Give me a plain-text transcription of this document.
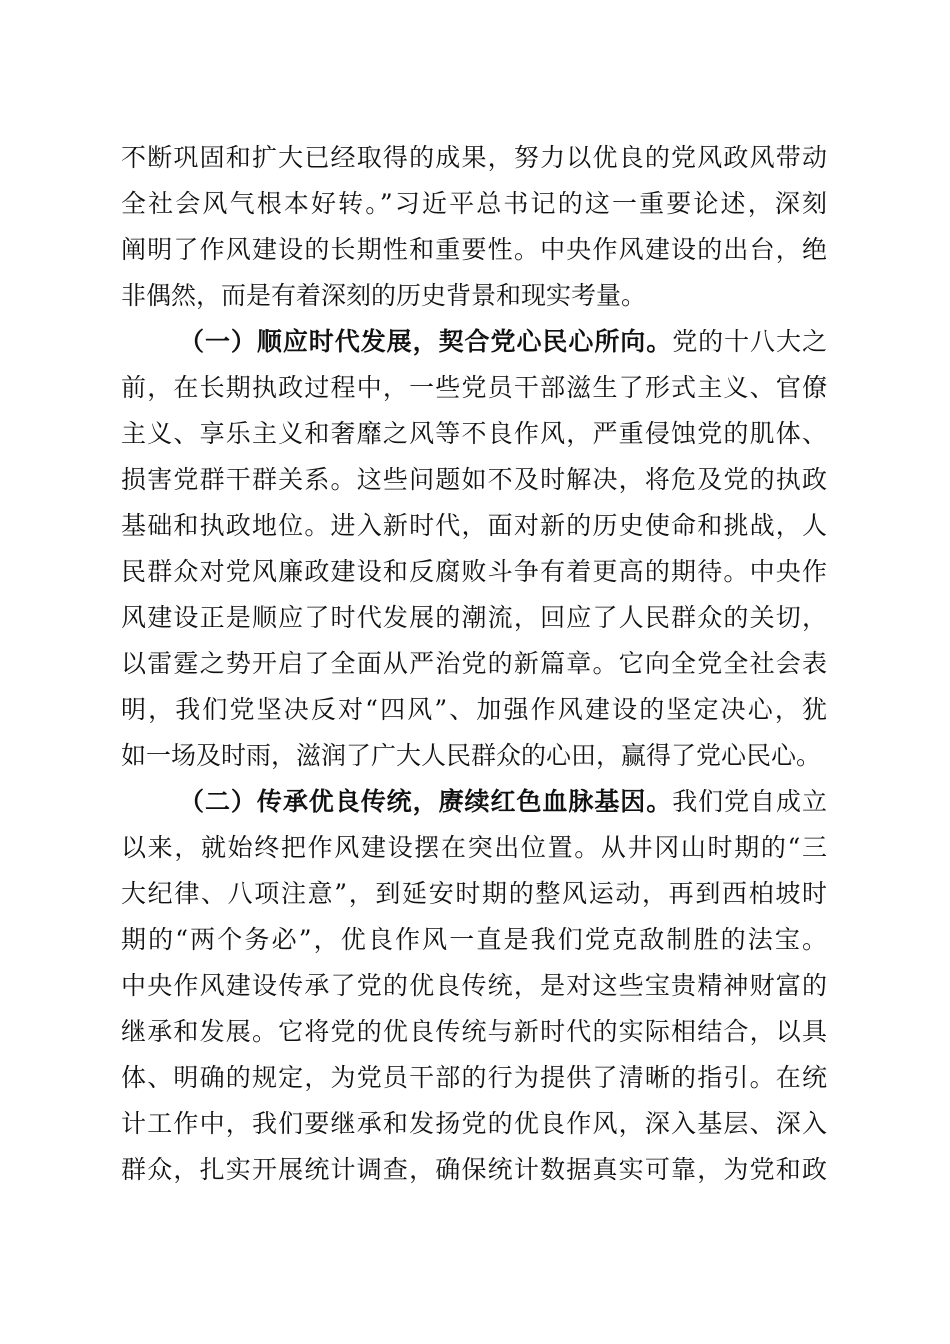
不断巩固和扩大已经取得的成果，努力以优良的党风政风带动
全社会风气根本好转。”习近平总书记的这一重要论述，深刻
阐明了作风建设的长期性和重要性。中央作风建设的出台，绝
非偶然，而是有着深刻的历史背景和现实考量。
（一）顺应时代发展，契合党心民心所向。党的十八大之
前，在长期执政过程中，一些党员干部滋生了形式主义、官僚
主义、享乐主义和奢靡之风等不良作风，严重侵蚀党的肌体、
损害党群干群关系。这些问题如不及时解决，将危及党的执政
基础和执政地位。进入新时代，面对新的历史使命和挑战，人
民群众对党风廉政建设和反腐败斗争有着更高的期待。中央作
风建设正是顺应了时代发展的潮流，回应了人民群众的关切，
以雷霆之势开启了全面从严治党的新篇章。它向全党全社会表
明，我们党坚决反对“四风”、加强作风建设的坚定决心，犹
如一场及时雨，滋润了广大人民群众的心田，赢得了党心民心。
（二）传承优良传统，赓续红色血脉基因。我们党自成立
以来，就始终把作风建设摆在突出位置。从井冈山时期的“三
大纪律、八项注意”，到延安时期的整风运动，再到西柏坡时
期的“两个务必”，优良作风一直是我们党克敌制胜的法宝。
中央作风建设传承了党的优良传统，是对这些宝贵精神财富的
继承和发展。它将党的优良传统与新时代的实际相结合，以具
体、明确的规定，为党员干部的行为提供了清晰的指引。在统
计工作中，我们要继承和发扬党的优良作风，深入基层、深入
群众，扎实开展统计调查，确保统计数据真实可靠，为党和政
